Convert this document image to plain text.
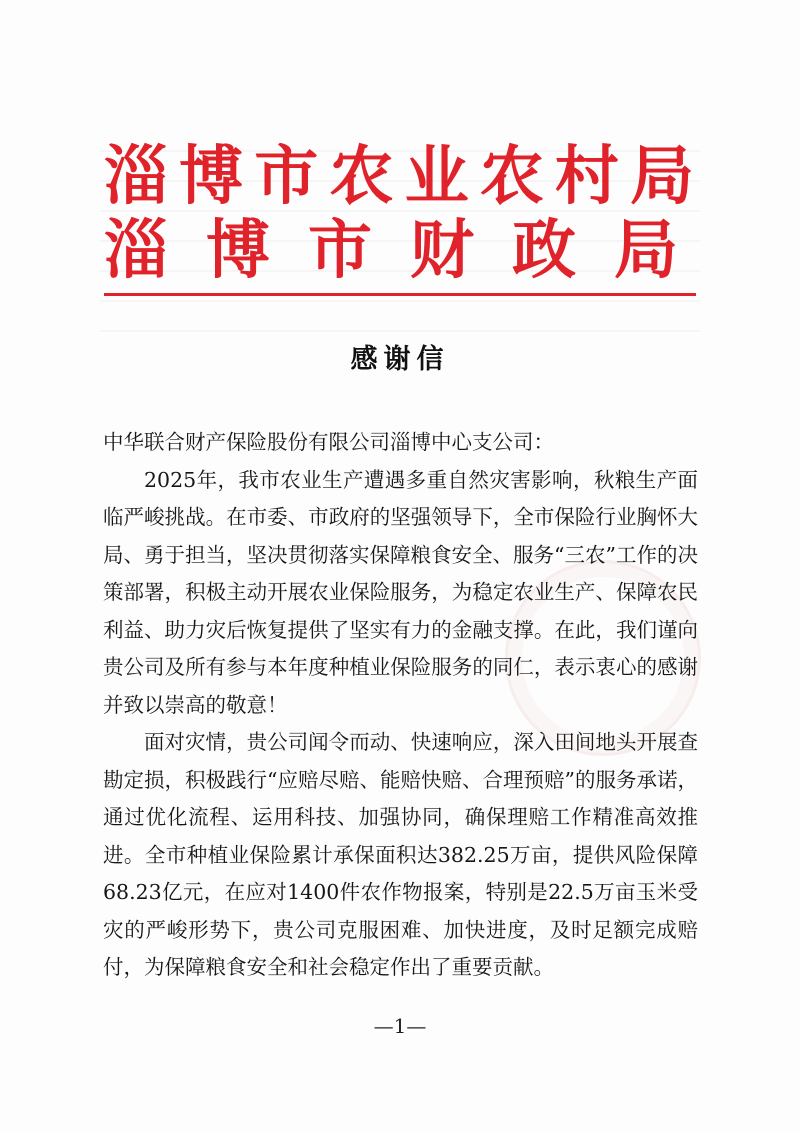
淄博市农业农村局
淄博市财政局
感谢信

中华联合财产保险股份有限公司淄博中心支公司：

2025年，我市农业生产遭遇多重自然灾害影响，秋粮生产面临严峻挑战。在市委、市政府的坚强领导下，全市保险行业胸怀大局、勇于担当，坚决贯彻落实保障粮食安全、服务“三农”工作的决策部署，积极主动开展农业保险服务，为稳定农业生产、保障农民利益、助力灾后恢复提供了坚实有力的金融支撑。在此，我们谨向贵公司及所有参与本年度种植业保险服务的同仁，表示衷心的感谢并致以崇高的敬意！

面对灾情，贵公司闻令而动、快速响应，深入田间地头开展查勘定损，积极践行“应赔尽赔、能赔快赔、合理预赔”的服务承诺，通过优化流程、运用科技、加强协同，确保理赔工作精准高效推进。全市种植业保险累计承保面积达382.25万亩，提供风险保障68.23亿元，在应对1400件农作物报案，特别是22.5万亩玉米受灾的严峻形势下，贵公司克服困难、加快进度，及时足额完成赔付，为保障粮食安全和社会稳定作出了重要贡献。

—1—
